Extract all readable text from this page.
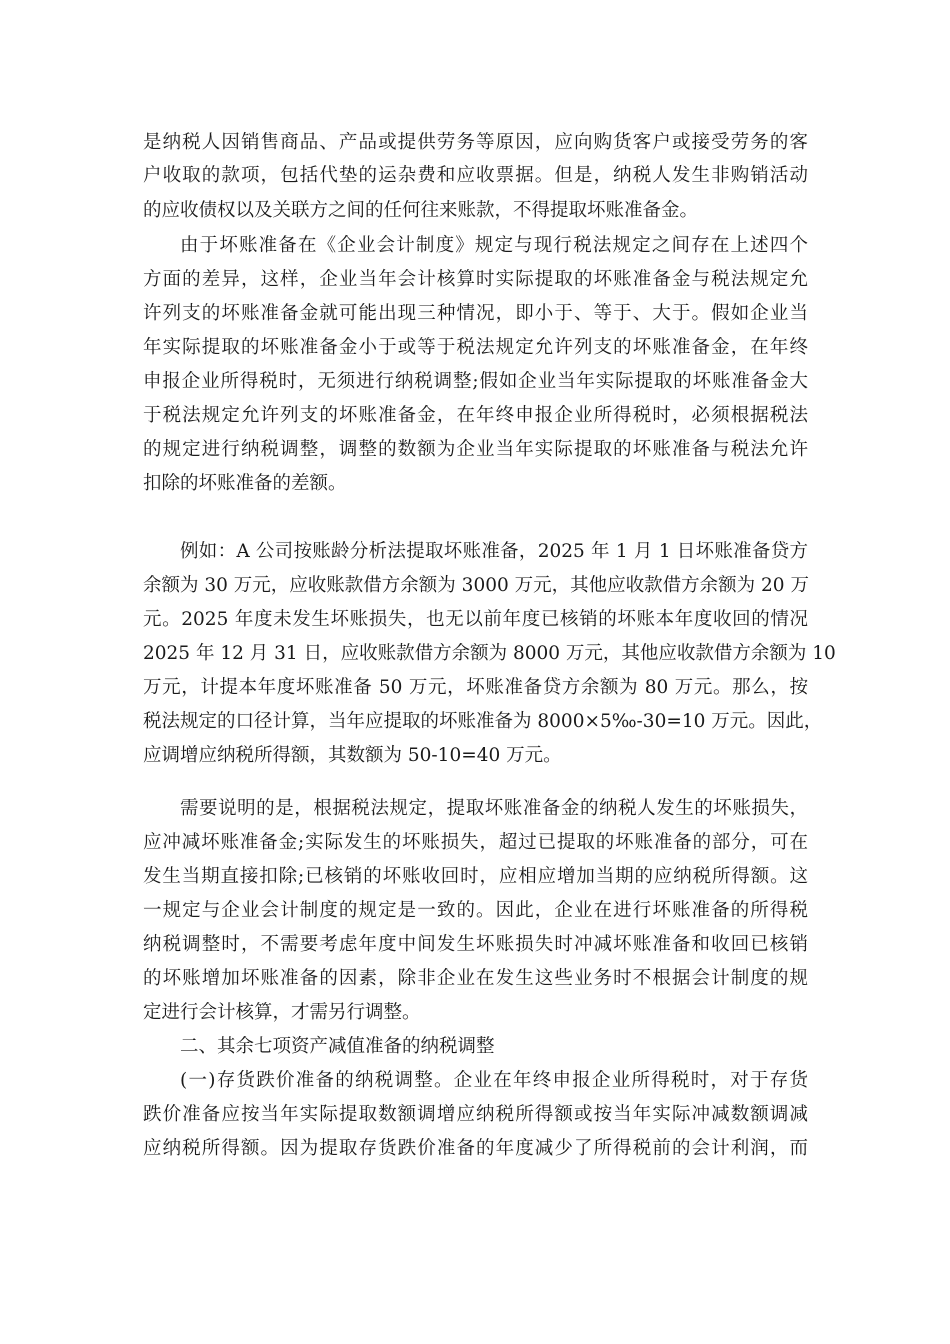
是纳税人因销售商品、产品或提供劳务等原因，应向购货客户或接受劳务的客
户收取的款项，包括代垫的运杂费和应收票据。但是，纳税人发生非购销活动
的应收债权以及关联方之间的任何往来账款，不得提取坏账准备金。
由于坏账准备在《企业会计制度》规定与现行税法规定之间存在上述四个
方面的差异，这样，企业当年会计核算时实际提取的坏账准备金与税法规定允
许列支的坏账准备金就可能出现三种情况，即小于、等于、大于。假如企业当
年实际提取的坏账准备金小于或等于税法规定允许列支的坏账准备金，在年终
申报企业所得税时，无须进行纳税调整;假如企业当年实际提取的坏账准备金大
于税法规定允许列支的坏账准备金，在年终申报企业所得税时，必须根据税法
的规定进行纳税调整，调整的数额为企业当年实际提取的坏账准备与税法允许
扣除的坏账准备的差额。
例如：A 公司按账龄分析法提取坏账准备，2025 年 1 月 1 日坏账准备贷方
余额为 30 万元，应收账款借方余额为 3000 万元，其他应收款借方余额为 20 万
元。2025 年度未发生坏账损失，也无以前年度已核销的坏账本年度收回的情况
2025 年 12 月 31 日，应收账款借方余额为 8000 万元，其他应收款借方余额为 10
万元，计提本年度坏账准备 50 万元，坏账准备贷方余额为 80 万元。那么，按
税法规定的口径计算，当年应提取的坏账准备为 8000×5‰-30=10 万元。因此，
应调增应纳税所得额，其数额为 50-10=40 万元。
需要说明的是，根据税法规定，提取坏账准备金的纳税人发生的坏账损失，
应冲减坏账准备金;实际发生的坏账损失，超过已提取的坏账准备的部分，可在
发生当期直接扣除;已核销的坏账收回时，应相应增加当期的应纳税所得额。这
一规定与企业会计制度的规定是一致的。因此，企业在进行坏账准备的所得税
纳税调整时，不需要考虑年度中间发生坏账损失时冲减坏账准备和收回已核销
的坏账增加坏账准备的因素，除非企业在发生这些业务时不根据会计制度的规
定进行会计核算，才需另行调整。
二、其余七项资产减值准备的纳税调整
(一)存货跌价准备的纳税调整。企业在年终申报企业所得税时，对于存货
跌价准备应按当年实际提取数额调增应纳税所得额或按当年实际冲减数额调减
应纳税所得额。因为提取存货跌价准备的年度减少了所得税前的会计利润，而
